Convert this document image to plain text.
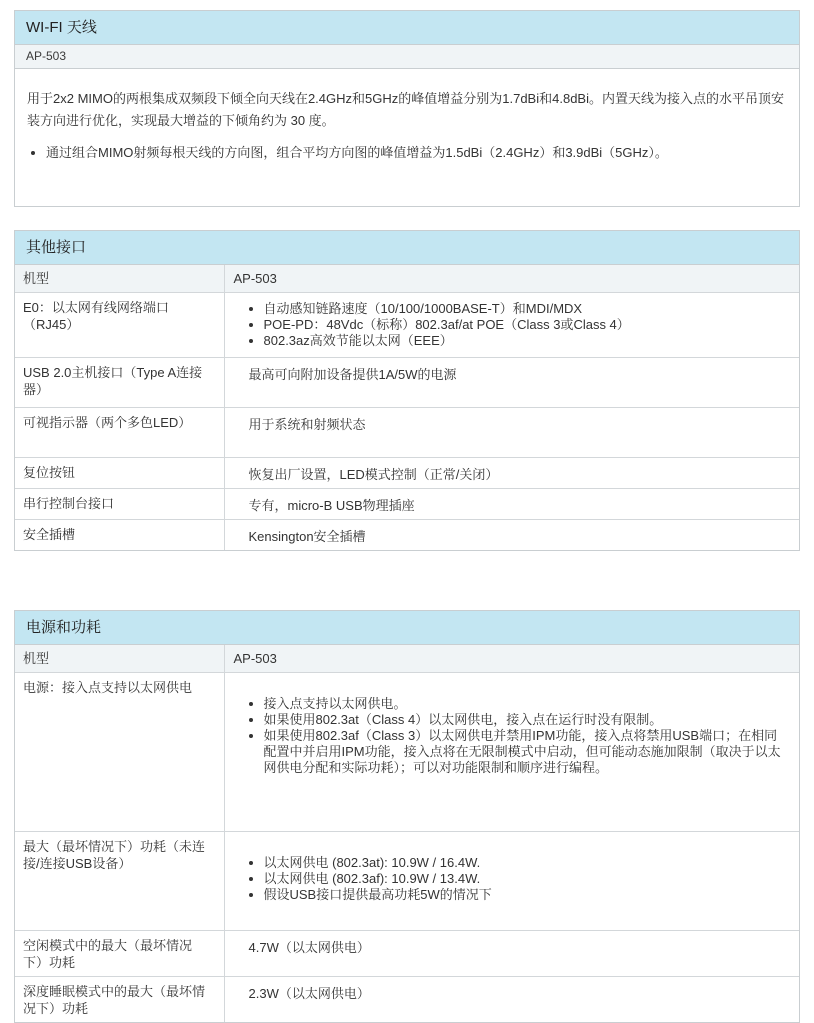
WI-FI 天线
AP-503

用于2x2 MIMO的两根集成双频段下倾全向天线在2.4GHz和5GHz的峰值增益分别为1.7dBi和4.8dBi。内置天线为接入点的水平吊顶安装方向进行优化，实现最大增益的下倾角约为 30 度。

• 通过组合MIMO射频每根天线的方向图，组合平均方向图的峰值增益为1.5dBi（2.4GHz）和3.9dBi（5GHz）。
其他接口
机型	AP-503
E0：以太网有线网络端口（RJ45）	
• 自动感知链路速度（10/100/1000BASE-T）和MDI/MDX
• POE-PD：48Vdc（标称）802.3af/at POE（Class 3或Class 4）
• 802.3az高效节能以太网（EEE）

USB 2.0主机接口（Type A连接器）	最高可向附加设备提供1A/5W的电源
可视指示器（两个多色LED）	用于系统和射频状态
复位按钮	恢复出厂设置，LED模式控制（正常/关闭）
串行控制台接口	专有，micro-B USB物理插座
安全插槽	Kensington安全插槽
电源和功耗
机型	AP-503
电源：接入点支持以太网供电	
• 接入点支持以太网供电。
• 如果使用802.3at（Class 4）以太网供电，接入点在运行时没有限制。
• 如果使用802.3af（Class 3）以太网供电并禁用IPM功能，接入点将禁用USB端口；在相同配置中并启用IPM功能，接入点将在无限制模式中启动，但可能动态施加限制（取决于以太网供电分配和实际功耗）；可以对功能限制和顺序进行编程。

最大（最坏情况下）功耗（未连接/连接USB设备）	
•以太网供电 (802.3at): 10.9W / 16.4W.
• 以太网供电 (802.3af): 10.9W / 13.4W.
• 假设USB接口提供最高功耗5W的情况下

空闲模式中的最大（最坏情况下）功耗	4.7W（以太网供电）
深度睡眠模式中的最大（最坏情况下）功耗	2.3W（以太网供电）
